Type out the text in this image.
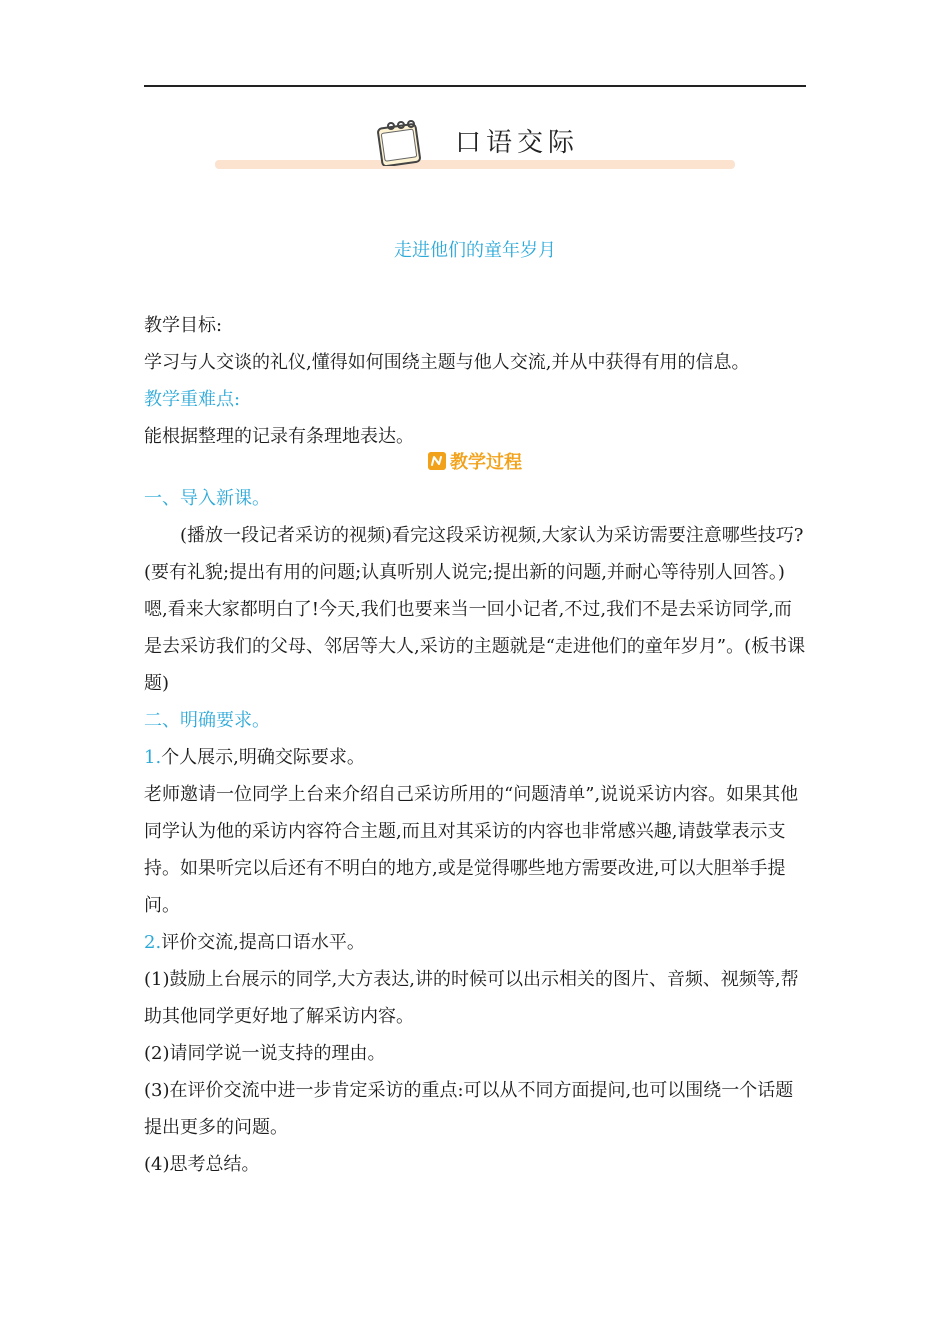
口语交际
走进他们的童年岁月

教学目标:

学习与人交谈的礼仪,懂得如何围绕主题与他人交流,并从中获得有用的信息。

教学重难点:

能根据整理的记录有条理地表达。

教学过程

一、导入新课。

(播放一段记者采访的视频)看完这段采访视频,大家认为采访需要注意哪些技巧?(要有礼貌;提出有用的问题;认真听别人说完;提出新的问题,并耐心等待别人回答。)嗯,看来大家都明白了!今天,我们也要来当一回小记者,不过,我们不是去采访同学,而是去采访我们的父母、邻居等大人,采访的主题就是“走进他们的童年岁月”。(板书课题)

二、明确要求。

1.个人展示,明确交际要求。

老师邀请一位同学上台来介绍自己采访所用的“问题清单”,说说采访内容。如果其他同学认为他的采访内容符合主题,而且对其采访的内容也非常感兴趣,请鼓掌表示支持。如果听完以后还有不明白的地方,或是觉得哪些地方需要改进,可以大胆举手提问。

2.评价交流,提高口语水平。

(1)鼓励上台展示的同学,大方表达,讲的时候可以出示相关的图片、音频、视频等,帮助其他同学更好地了解采访内容。

(2)请同学说一说支持的理由。

(3)在评价交流中进一步肯定采访的重点:可以从不同方面提问,也可以围绕一个话题提出更多的问题。

(4)思考总结。
